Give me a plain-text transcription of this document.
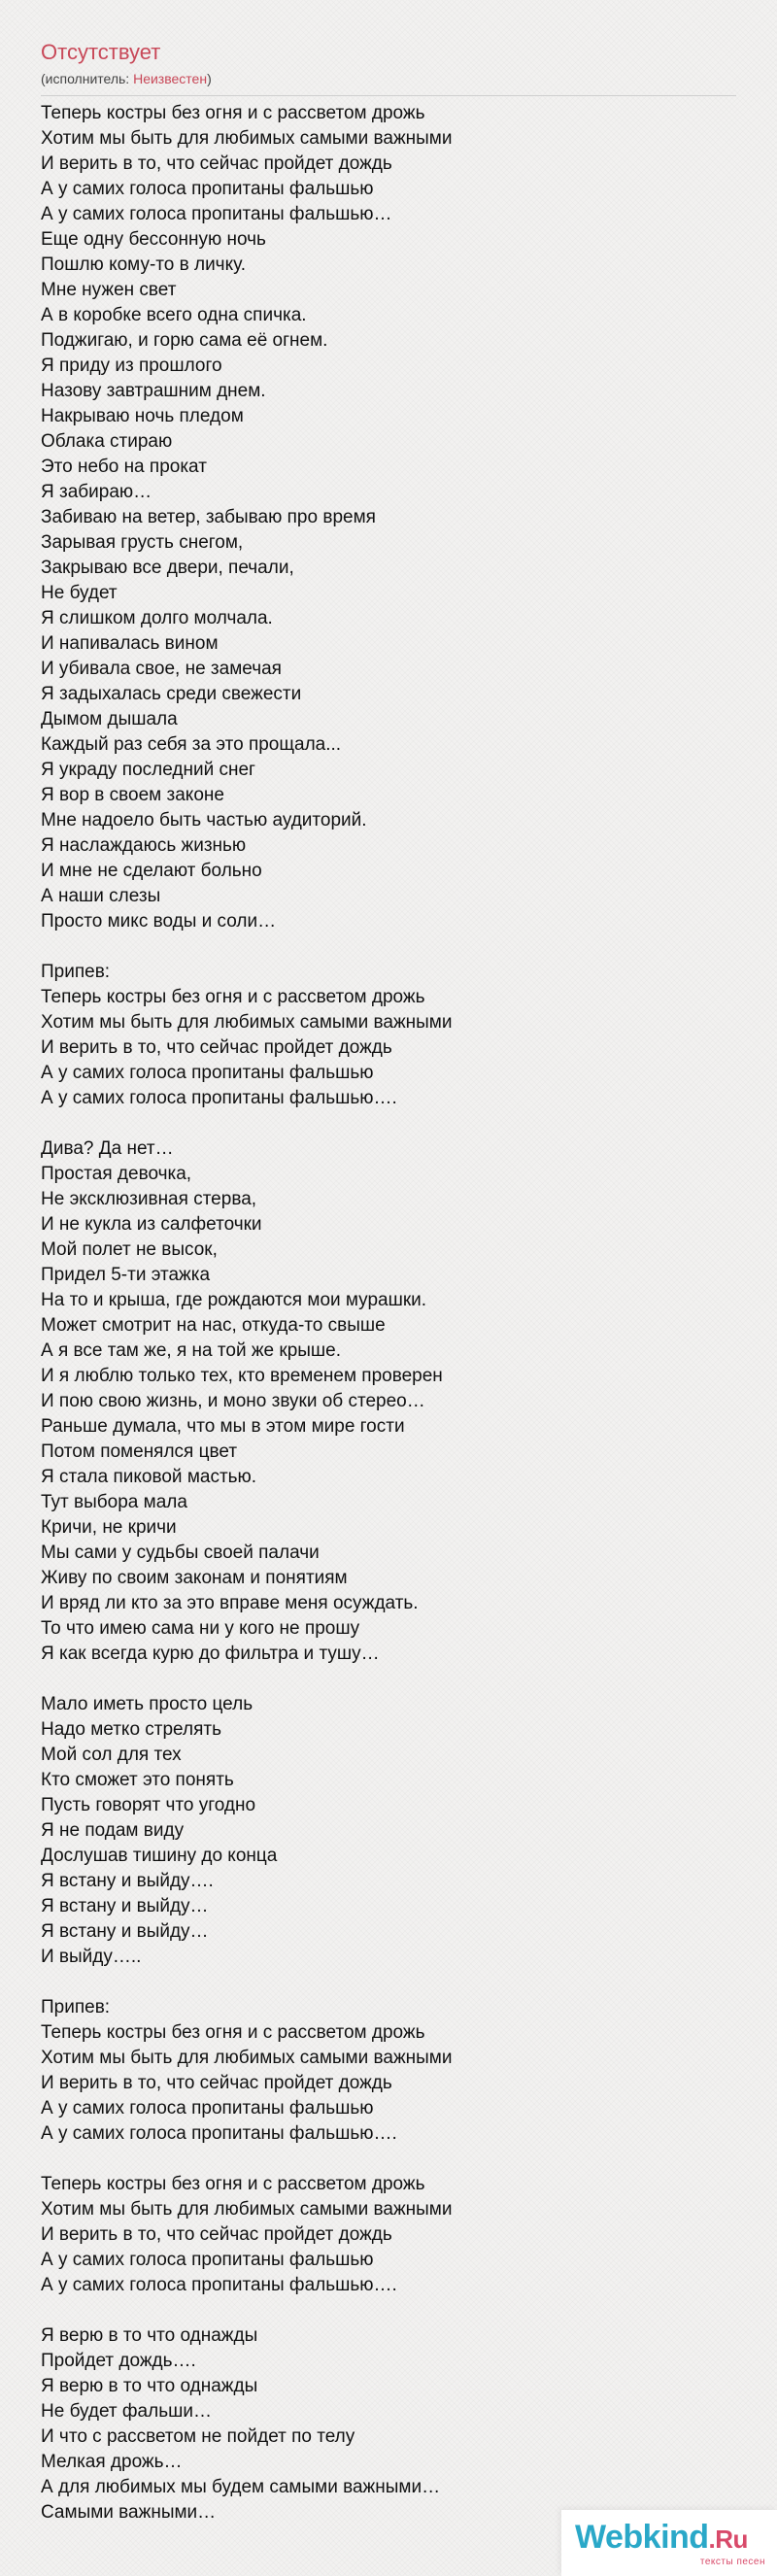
Отсутствует
(исполнитель: Неизвестен)
Теперь костры без огня и с рассветом дрожь
Хотим мы быть для любимых самыми важными
И верить в то, что сейчас пройдет дождь
А у самих голоса пропитаны фальшью
А у самих голоса пропитаны фальшью…
Еще одну бессонную ночь
Пошлю кому-то в личку.
Мне нужен свет
А в коробке всего одна спичка.
Поджигаю, и горю сама её огнем.
Я приду из прошлого
Назову завтрашним днем.
Накрываю ночь пледом
Облака стираю
Это небо на прокат
Я забираю…
Забиваю на ветер, забываю про время
Зарывая грусть снегом,
Закрываю все двери, печали,
Не будет
Я слишком долго молчала.
И напивалась вином
И убивала свое, не замечая
Я задыхалась среди свежести
Дымом дышала
Каждый раз себя за это прощала...
Я украду последний снег
Я вор в своем законе
Мне надоело быть частью аудиторий.
Я наслаждаюсь жизнью
И мне не сделают больно
А наши слезы
Просто микс воды и соли…
Припев:
Теперь костры без огня и с рассветом дрожь
Хотим мы быть для любимых самыми важными
И верить в то, что сейчас пройдет дождь
А у самих голоса пропитаны фальшью
А у самих голоса пропитаны фальшью….
Дива? Да нет…
Простая девочка,
Не эксклюзивная стерва,
И не кукла из салфеточки
Мой полет не высок,
Придел 5-ти этажка
На то и крыша, где рождаются мои мурашки.
Может смотрит на нас, откуда-то свыше
А я все там же, я на той же крыше.
И я люблю только тех, кто временем проверен
И пою свою жизнь, и моно звуки об стерео…
Раньше думала, что мы в этом мире гости
Потом поменялся цвет
Я стала пиковой мастью.
Тут выбора мала
Кричи, не кричи
Мы сами у судьбы своей палачи
Живу по своим законам и понятиям
И вряд ли кто за это вправе меня осуждать.
То что имею сама ни у кого не прошу
Я как всегда курю до фильтра и тушу…
Мало иметь просто цель
Надо метко стрелять
Мой сол для тех
Кто сможет это понять
Пусть говорят что угодно
Я не подам виду
Дослушав тишину до конца
Я встану и выйду….
Я встану и выйду…
Я встану и выйду…
И выйду…..
Припев:
Теперь костры без огня и с рассветом дрожь
Хотим мы быть для любимых самыми важными
И верить в то, что сейчас пройдет дождь
А у самих голоса пропитаны фальшью
А у самих голоса пропитаны фальшью….
Теперь костры без огня и с рассветом дрожь
Хотим мы быть для любимых самыми важными
И верить в то, что сейчас пройдет дождь
А у самих голоса пропитаны фальшью
А у самих голоса пропитаны фальшью….
Я верю в то что однажды
Пройдет дождь….
Я верю в то что однажды
Не будет фальши…
И что с рассветом не пойдет по телу
Мелкая дрожь…
А для любимых мы будем самыми важными…
Самыми важными…
Webkind.Ru
тексты песен
